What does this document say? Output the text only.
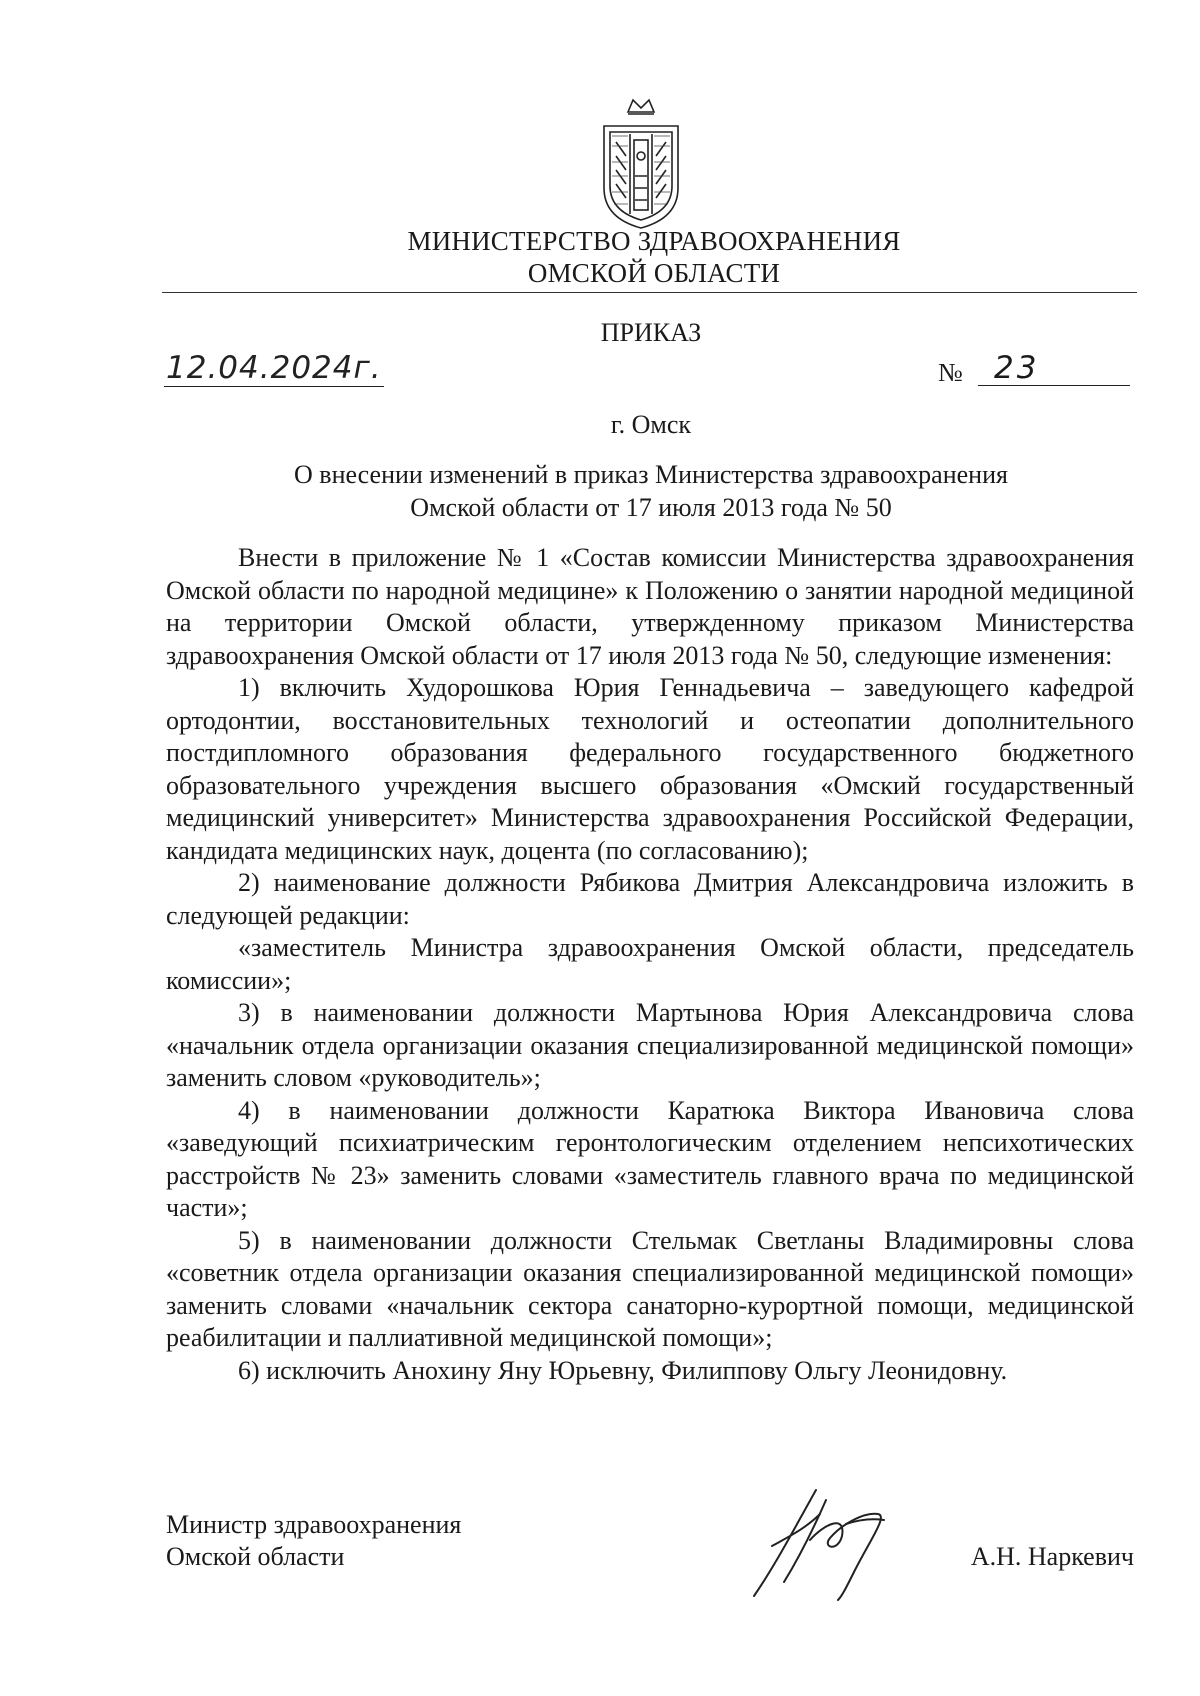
МИНИСТЕРСТВО ЗДРАВООХРАНЕНИЯ
ОМСКОЙ ОБЛАСТИ
ПРИКАЗ
12.04.2024г.	№	23
г. Омск
О внесении изменений в приказ Министерства здравоохранения
Омской области от 17 июля 2013 года № 50

Внести в приложение № 1 «Состав комиссии Министерства здравоохранения Омской области по народной медицине» к Положению о занятии народной медициной на территории Омской области, утвержденному приказом Министерства здравоохранения Омской области от 17 июля 2013 года № 50, следующие изменения:

1) включить Худорошкова Юрия Геннадьевича – заведующего кафедрой ортодонтии, восстановительных технологий и остеопатии дополнительного постдипломного образования федерального государственного бюджетного образовательного учреждения высшего образования «Омский государственный медицинский университет» Министерства здравоохранения Российской Федерации, кандидата медицинских наук, доцента (по согласованию);

2) наименование должности Рябикова Дмитрия Александровича изложить в следующей редакции:

«заместитель Министра здравоохранения Омской области, председатель комиссии»;

3) в наименовании должности Мартынова Юрия Александровича слова «начальник отдела организации оказания специализированной медицинской помощи» заменить словом «руководитель»;

4) в наименовании должности Каратюка Виктора Ивановича слова «заведующий психиатрическим геронтологическим отделением непсихотических расстройств № 23» заменить словами «заместитель главного врача по медицинской части»;

5) в наименовании должности Стельмак Светланы Владимировны слова «советник отдела организации оказания специализированной медицинской помощи» заменить словами «начальник сектора санаторно-курортной помощи, медицинской реабилитации и паллиативной медицинской помощи»;

6) исключить Анохину Яну Юрьевну, Филиппову Ольгу Леонидовну.

Министр здравоохранения
Омской области	А.Н. Наркевич
